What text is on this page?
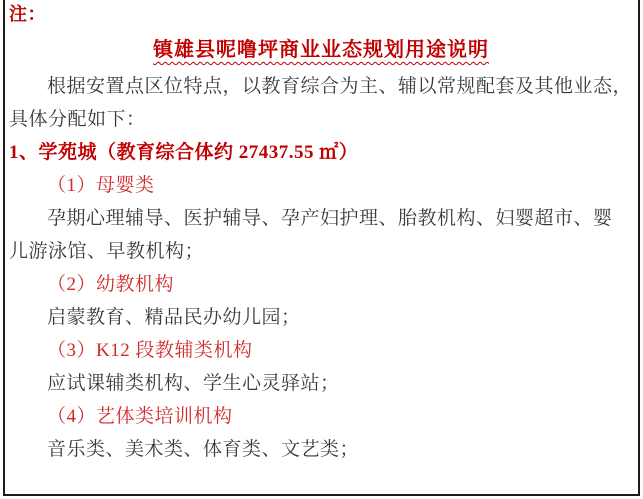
注：
镇雄县呢噜坪商业业态规划用途说明
根据安置点区位特点，以教育综合为主、辅以常规配套及其他业态，
具体分配如下：
1、学苑城（教育综合体约 27437.55 ㎡）
（1）母婴类
孕期心理辅导、医护辅导、孕产妇护理、胎教机构、妇婴超市、婴
儿游泳馆、早教机构；
（2）幼教机构
启蒙教育、精品民办幼儿园；
（3）K12 段教辅类机构
应试课辅类机构、学生心灵驿站；
（4）艺体类培训机构
音乐类、美术类、体育类、文艺类；
